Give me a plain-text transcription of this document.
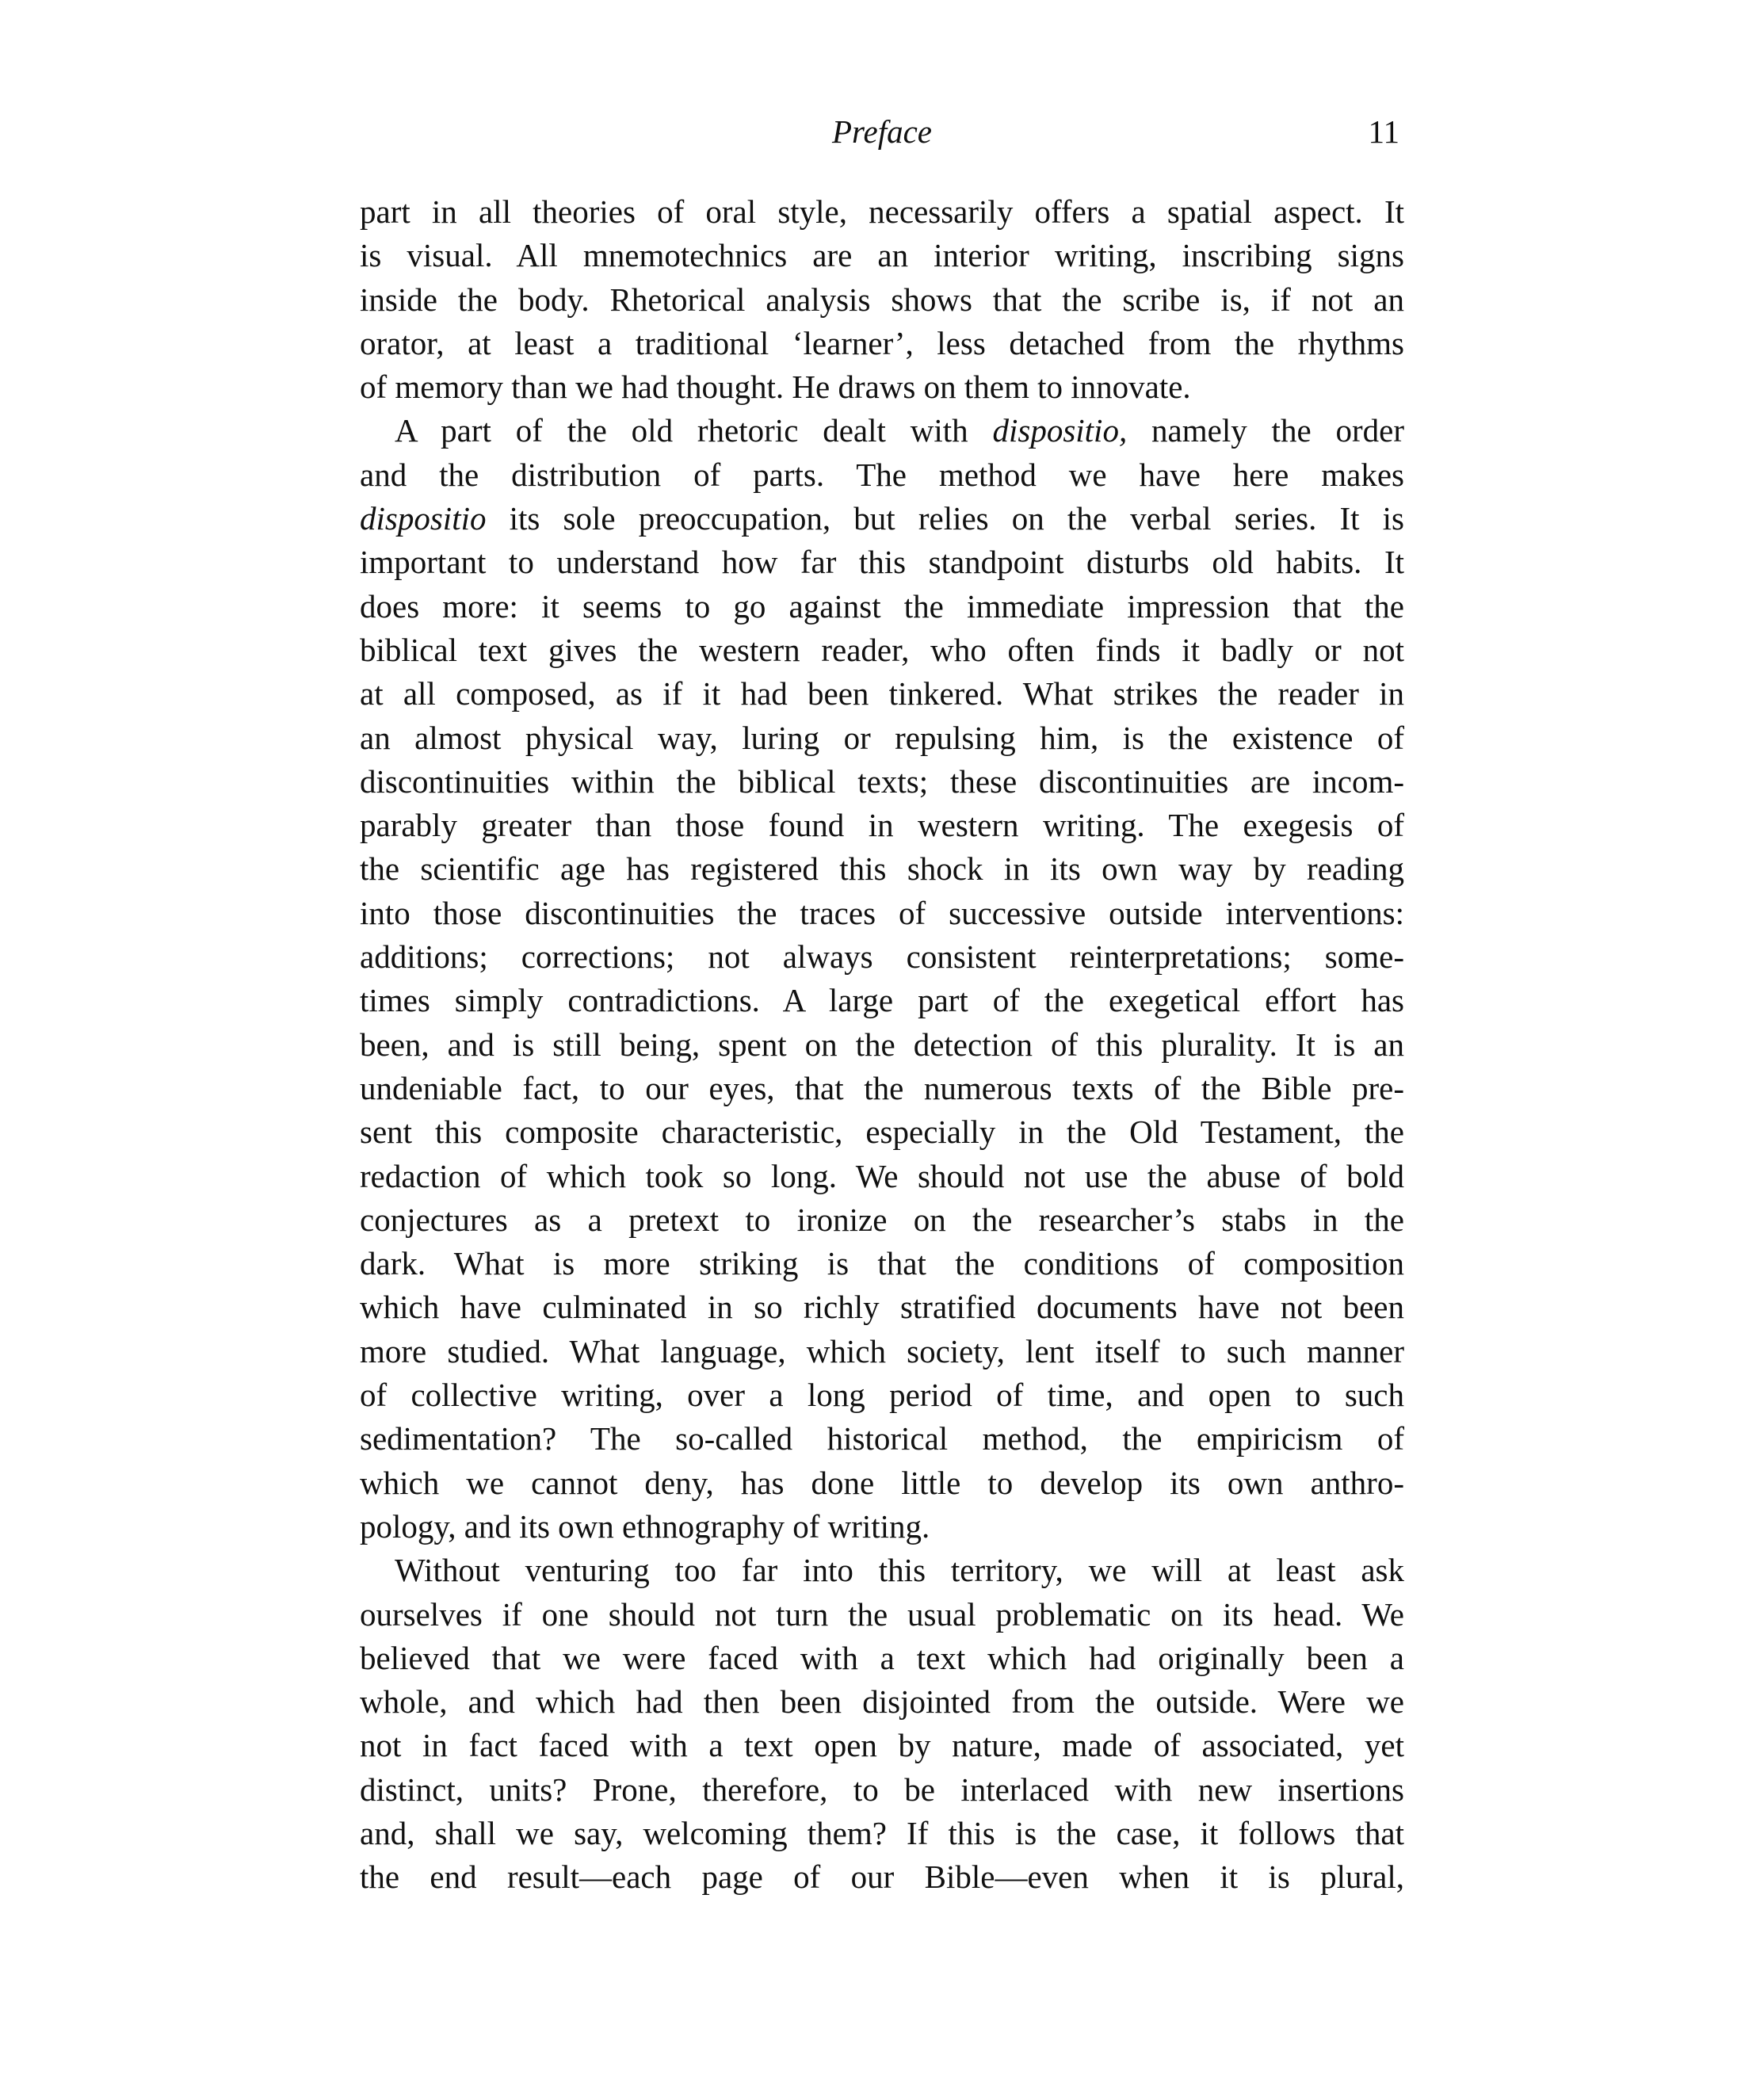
Preface	11
part in all theories of oral style, necessarily offers a spatial aspect. It
is visual. All mnemotechnics are an interior writing, inscribing signs
inside the body. Rhetorical analysis shows that the scribe is, if not an
orator, at least a traditional ‘learner’, less detached from the rhythms
of memory than we had thought. He draws on them to innovate.
A part of the old rhetoric dealt with dispositio, namely the order
and the distribution of parts. The method we have here makes
dispositio its sole preoccupation, but relies on the verbal series. It is
important to understand how far this standpoint disturbs old habits. It
does more: it seems to go against the immediate impression that the
biblical text gives the western reader, who often finds it badly or not
at all composed, as if it had been tinkered. What strikes the reader in
an almost physical way, luring or repulsing him, is the existence of
discontinuities within the biblical texts; these discontinuities are incom-
parably greater than those found in western writing. The exegesis of
the scientific age has registered this shock in its own way by reading
into those discontinuities the traces of successive outside interventions:
additions; corrections; not always consistent reinterpretations; some-
times simply contradictions. A large part of the exegetical effort has
been, and is still being, spent on the detection of this plurality. It is an
undeniable fact, to our eyes, that the numerous texts of the Bible pre-
sent this composite characteristic, especially in the Old Testament, the
redaction of which took so long. We should not use the abuse of bold
conjectures as a pretext to ironize on the researcher’s stabs in the
dark. What is more striking is that the conditions of composition
which have culminated in so richly stratified documents have not been
more studied. What language, which society, lent itself to such manner
of collective writing, over a long period of time, and open to such
sedimentation? The so-called historical method, the empiricism of
which we cannot deny, has done little to develop its own anthro-
pology, and its own ethnography of writing.
Without venturing too far into this territory, we will at least ask
ourselves if one should not turn the usual problematic on its head. We
believed that we were faced with a text which had originally been a
whole, and which had then been disjointed from the outside. Were we
not in fact faced with a text open by nature, made of associated, yet
distinct, units? Prone, therefore, to be interlaced with new insertions
and, shall we say, welcoming them? If this is the case, it follows that
the end result—each page of our Bible—even when it is plural,
